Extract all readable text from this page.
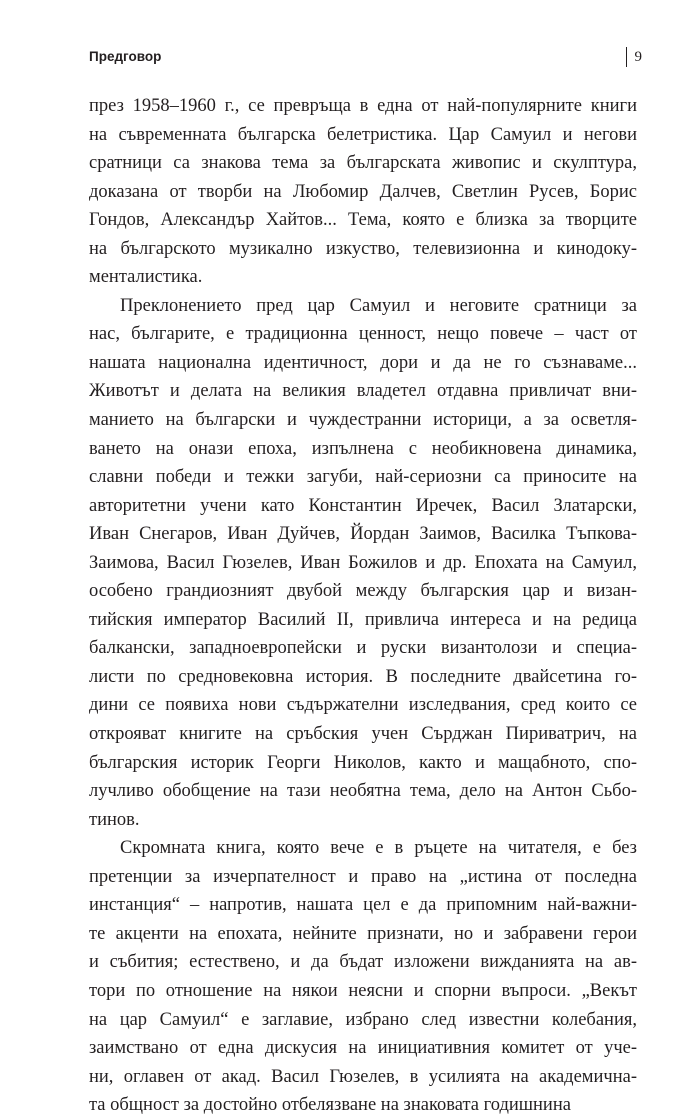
Предговор	9
през 1958–1960 г., се превръща в една от най-популярните книги
на съвременната българска белетристика. Цар Самуил и негови
сратници са знакова тема за българската живопис и скулптура,
доказана от творби на Любомир Далчев, Светлин Русев, Борис
Гондов, Александър Хайтов... Тема, която е близка за творците
на българското музикално изкуство, телевизионна и кинодоку-
менталистика.
Преклонението пред цар Самуил и неговите сратници за
нас, българите, е традиционна ценност, нещо повече – част от
нашата национална идентичност, дори и да не го съзнаваме...
Животът и делата на великия владетел отдавна привличат вни-
манието на български и чуждестранни историци, а за осветля-
ването на онази епоха, изпълнена с необикновена динамика,
славни победи и тежки загуби, най-сериозни са приносите на
авторитетни учени като Константин Иречек, Васил Златарски,
Иван Снегаров, Иван Дуйчев, Йордан Заимов, Василка Тъпкова-
Заимова, Васил Гюзелев, Иван Божилов и др. Епохата на Самуил,
особено грандиозният двубой между българския цар и визан-
тийския император Василий II, привлича интереса и на редица
балкански, западноевропейски и руски византолози и специа-
листи по средновековна история. В последните двайсетина го-
дини се появиха нови съдържателни изследвания, сред които се
открояват книгите на сръбския учен Сърджан Пириватрич, на
българския историк Георги Николов, както и мащабното, спо-
лучливо обобщение на тази необятна тема, дело на Антон Сьбо-
тинов.
Скромната книга, която вече е в ръцете на читателя, е без
претенции за изчерпателност и право на „истина от последна
инстанция“ – напротив, нашата цел е да припомним най-важни-
те акценти на епохата, нейните признати, но и забравени герои
и събития; естествено, и да бъдат изложени вижданията на ав-
тори по отношение на някои неясни и спорни въпроси. „Векът
на цар Самуил“ е заглавие, избрано след известни колебания,
заимствано от една дискусия на инициативния комитет от уче-
ни, оглавен от акад. Васил Гюзелев, в усилията на академична-
та общност за достойно отбелязване на знаковата годишнина
